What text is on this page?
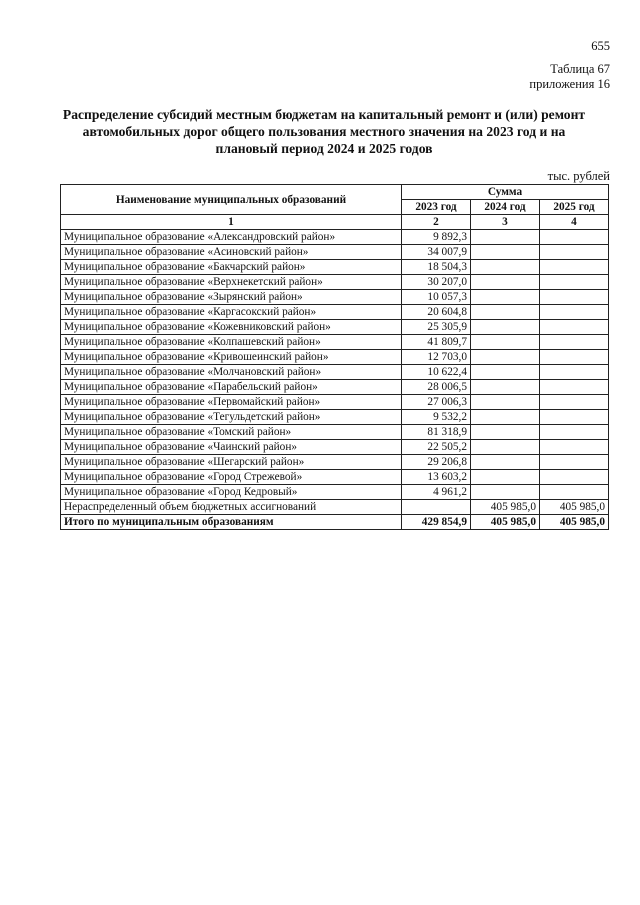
655
Таблица 67
приложения 16
Распределение субсидий местным бюджетам на капитальный ремонт и (или) ремонт
автомобильных дорог общего пользования местного значения на 2023 год и на
плановый период 2024 и 2025 годов
тыс. рублей
Наименование муниципальных образований	Сумма		
	2023 год	2024 год	2025 год
1	2	3	4
Муниципальное образование «Александровский район»	9 892,3		
Муниципальное образование «Асиновский район»	34 007,9		
Муниципальное образование «Бакчарский район»	18 504,3		
Муниципальное образование «Верхнекетский район»	30 207,0		
Муниципальное образование «Зырянский район»	10 057,3		
Муниципальное образование «Каргасокский район»	20 604,8		
Муниципальное образование «Кожевниковский район»	25 305,9		
Муниципальное образование «Колпашевский район»	41 809,7		
Муниципальное образование «Кривошеинский район»	12 703,0		
Муниципальное образование «Молчановский район»	10 622,4		
Муниципальное образование «Парабельский район»	28 006,5		
Муниципальное образование «Первомайский район»	27 006,3		
Муниципальное образование «Тегульдетский район»	9 532,2		
Муниципальное образование «Томский район»	81 318,9		
Муниципальное образование «Чаинский район»	22 505,2		
Муниципальное образование «Шегарский район»	29 206,8		
Муниципальное образование «Город Стрежевой»	13 603,2		
Муниципальное образование «Город Кедровый»	4 961,2		
Нераспределенный объем бюджетных ассигнований		405 985,0	405 985,0
Итого по муниципальным образованиям	429 854,9	405 985,0	405 985,0
